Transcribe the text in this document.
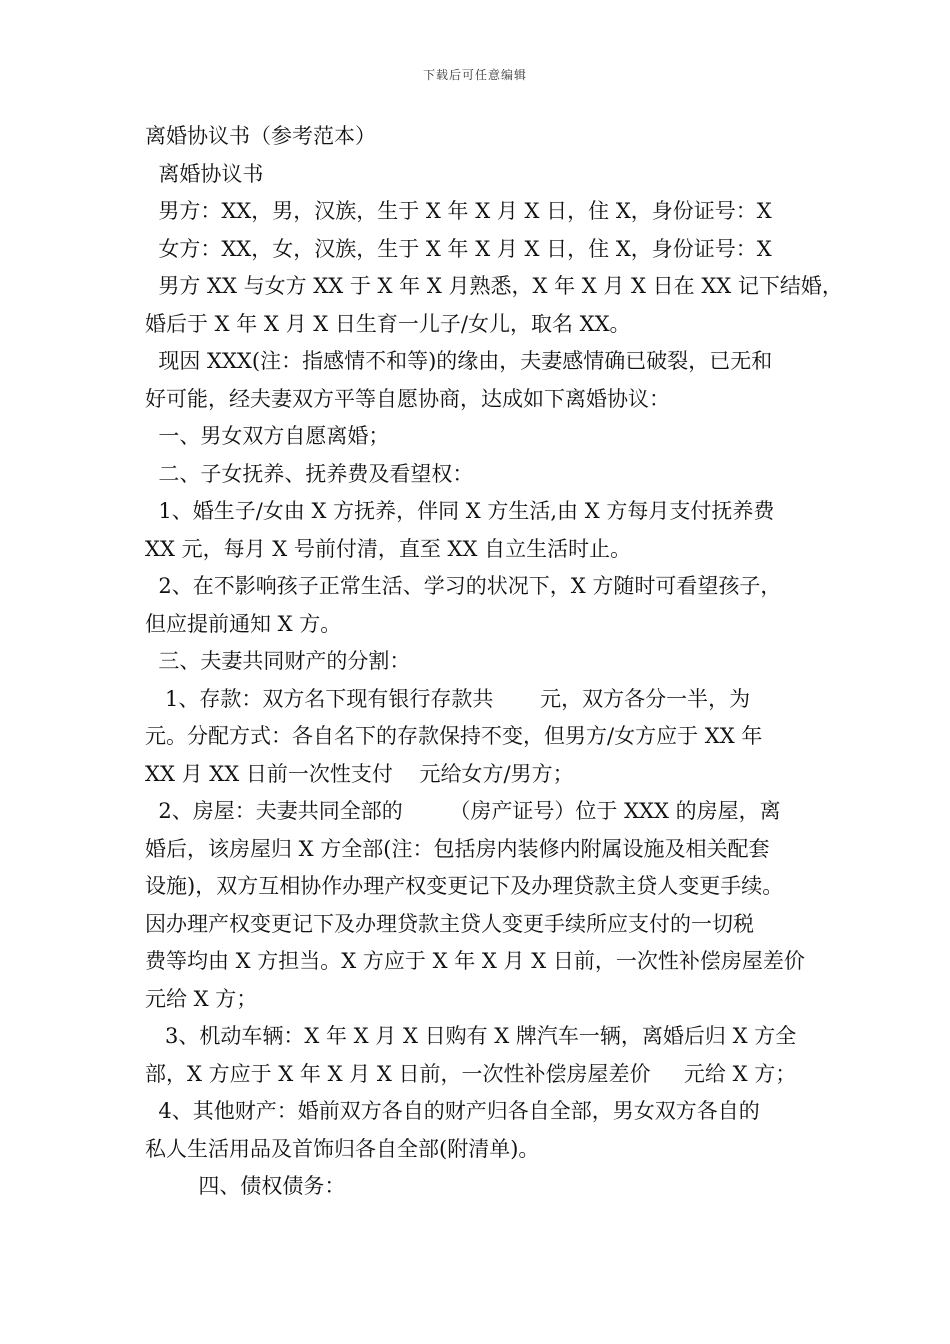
下载后可任意编辑
离婚协议书（参考范本）
离婚协议书
男方：XX，男，汉族，生于 X 年 X 月 X 日，住 X，身份证号：X
女方：XX，女，汉族，生于 X 年 X 月 X 日，住 X，身份证号：X
男方 XX 与女方 XX 于 X 年 X 月熟悉，X 年 X 月 X 日在 XX 记下结婚，
婚后于 X 年 X 月 X 日生育一儿子/女儿，取名 XX。
现因 XXX(注：指感情不和等)的缘由，夫妻感情确已破裂，已无和
好可能，经夫妻双方平等自愿协商，达成如下离婚协议：
一、男女双方自愿离婚；
二、子女抚养、抚养费及看望权：
1、婚生子/女由 X 方抚养，伴同 X 方生活,由 X 方每月支付抚养费
XX 元，每月 X 号前付清，直至 XX 自立生活时止。
2、在不影响孩子正常生活、学习的状况下，X 方随时可看望孩子，
但应提前通知 X 方。
三、夫妻共同财产的分割：
1、存款：双方名下现有银行存款共       元，双方各分一半，为
元。分配方式：各自名下的存款保持不变，但男方/女方应于 XX 年
XX 月 XX 日前一次性支付    元给女方/男方；
2、房屋：夫妻共同全部的       （房产证号）位于 XXX 的房屋，离
婚后，该房屋归 X 方全部(注：包括房内装修内附属设施及相关配套
设施)，双方互相协作办理产权变更记下及办理贷款主贷人变更手续。
因办理产权变更记下及办理贷款主贷人变更手续所应支付的一切税
费等均由 X 方担当。X 方应于 X 年 X 月 X 日前，一次性补偿房屋差价
元给 X 方；
3、机动车辆：X 年 X 月 X 日购有 X 牌汽车一辆，离婚后归 X 方全
部，X 方应于 X 年 X 月 X 日前，一次性补偿房屋差价     元给 X 方；
4、其他财产：婚前双方各自的财产归各自全部，男女双方各自的
私人生活用品及首饰归各自全部(附清单)。
四、债权债务：
